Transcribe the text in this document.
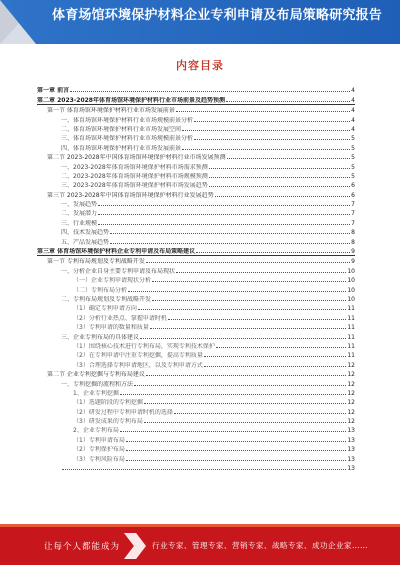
体育场馆环境保护材料企业专利申请及布局策略研究报告
内容目录
第一章 前言	4
第二章 2023-2028年体育场馆环境保护材料行业市场前景及趋势预测	4
第一节 体育场馆环境保护材料行业市场发展前景	4
一、体育场馆环境保护材料行业市场规模前景分析	4
二、体育场馆环境保护材料行业市场发展空间	4
三、体育场馆环境保护材料行业市场规模前景分析	5
四、体育场馆环境保护材料行业市场发展前景	5
第二节 2023-2028年中国体育场馆环境保护材料行业市场发展预测	5
一、2023-2028年体育场馆环境保护材料市场需求预测	5
二、2023-2028年体育场馆环境保护材料市场规模预测	5
三、2023-2028年体育场馆环境保护材料市场发展趋势	6
第三节 2023-2028年中国体育场馆环境保护材料行业发展趋势	6
一、发展趋势	7
二、发展潜力	7
三、行业规模	7
四、技术发展趋势	8
五、产品发展趋势	8
第三章 体育场馆环境保护材料企业专利申请及布局策略建议	9
第一节 专利布局规划及专利战略开发	9
一、分析企业自身主要专利申请及布局现状	10
（一）企业专利申请现状分析	10
（二）专利布局分析	10
二、专利布局规划及专利战略开发	10
（1）确定专利申请方向	11
（2）分析行业热点、掌握申请时机	11
（3）专利申请的数量和质量	11
三、企业专利布局的具体建议	11
（1）围绕核心技术进行专利布局，实现专利技术保护	11
（2）在专利申请中注重专利挖掘，提高专利质量	11
（3）合理选择专利申请地区，以及专利申请方式	12
第二节 企业专利挖掘与专利布局建议	12
一、专利挖掘的流程和方法	12
1、企业专利挖掘	12
（1）选题阶段的专利挖掘	12
（2）研发过程中专利申请时机的选择	12
（3）研发成果的专利布局	12
2、企业专利布局	13
（1）专利申请布局	13
（2）专利保护布局	13
（3）专利风险布局	13
13
让每个人都能成为	行业专家、管理专家、营销专家、战略专家、成功企业家……
